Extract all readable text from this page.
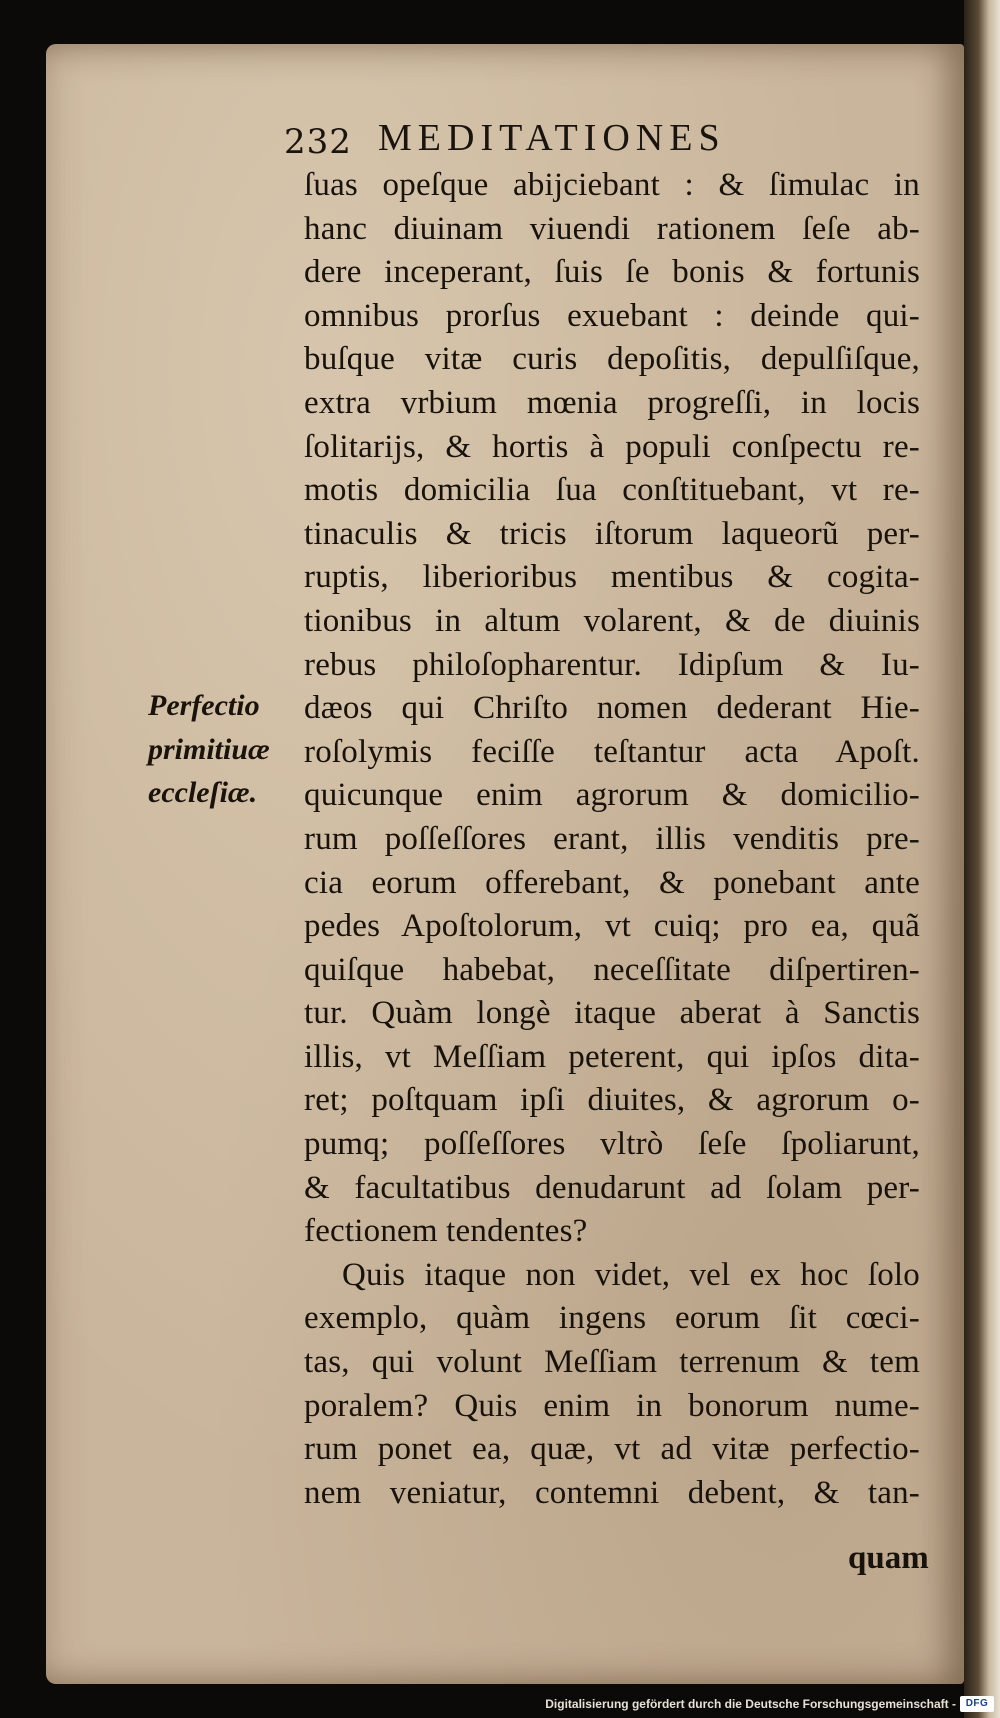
232 MEDITATIONES
Perfectio
primitiuæ
eccleſiæ.
ſuas opeſque abijciebant : & ſimulac in
hanc diuinam viuendi rationem ſeſe ab-
dere inceperant, ſuis ſe bonis & fortunis
omnibus prorſus exuebant : deinde qui-
buſque vitæ curis depoſitis, depulſiſque,
extra vrbium mœnia progreſſi, in locis
ſolitarijs, & hortis à populi conſpectu re-
motis domicilia ſua conſtituebant, vt re-
tinaculis & tricis iſtorum laqueorũ per-
ruptis, liberioribus mentibus & cogita-
tionibus in altum volarent, & de diuinis
rebus philoſopharentur. Idipſum & Iu-
dæos qui Chriſto nomen dederant Hie-
roſolymis feciſſe teſtantur acta Apoſt.
quicunque enim agrorum & domicilio-
rum poſſeſſores erant, illis venditis pre-
cia eorum offerebant, & ponebant ante
pedes Apoſtolorum, vt cuiq; pro ea, quã
quiſque habebat, neceſſitate diſpertiren-
tur. Quàm longè itaque aberat à Sanctis
illis, vt Meſſiam peterent, qui ipſos dita-
ret; poſtquam ipſi diuites, & agrorum o-
pumq; poſſeſſores vltrò ſeſe ſpoliarunt,
& facultatibus denudarunt ad ſolam per-
fectionem tendentes?
Quis itaque non videt, vel ex hoc ſolo
exemplo, quàm ingens eorum ſit cœci-
tas, qui volunt Meſſiam terrenum & tem
poralem? Quis enim in bonorum nume-
rum ponet ea, quæ, vt ad vitæ perfectio-
nem veniatur, contemni debent, & tan-
quam
Digitalisierung gefördert durch die Deutsche Forschungsgemeinschaft - DFG
